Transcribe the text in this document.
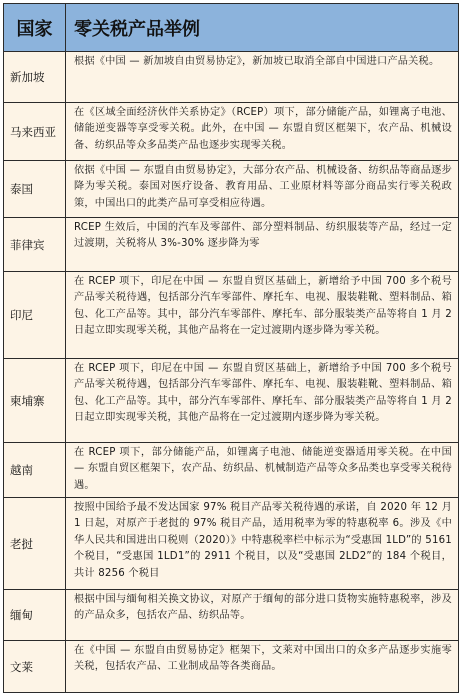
国家	零关税产品举例
新加坡
根据《中国 — 新加坡自由贸易协定》，新加坡已取消全部自中国进口产品关税。
马来西亚
在《区域全面经济伙伴关系协定》（RCEP）项下，部分储能产品，如锂离子电池、储能逆变器等享受零关税。此外，在中国 — 东盟自贸区框架下，农产品、机械设备、纺织品等众多品类产品也逐步实现零关税。
泰国
依据《中国 — 东盟自由贸易协定》，大部分农产品、机械设备、纺织品等商品逐步降为零关税。泰国对医疗设备、教育用品、工业原材料等部分商品实行零关税政策，中国出口的此类产品可享受相应待遇。
菲律宾
RCEP 生效后，中国的汽车及零部件、部分塑料制品、纺织服装等产品，经过一定过渡期，关税将从 3%-30% 逐步降为零
印尼
在 RCEP 项下，印尼在中国 — 东盟自贸区基础上，新增给予中国 700 多个税号产品零关税待遇，包括部分汽车零部件、摩托车、电视、服装鞋靴、塑料制品、箱包、化工产品等。其中，部分汽车零部件、摩托车、部分服装类产品等将自 1 月 2 日起立即实现零关税，其他产品将在一定过渡期内逐步降为零关税。
柬埔寨
在 RCEP 项下，印尼在中国 — 东盟自贸区基础上，新增给予中国 700 多个税号产品零关税待遇，包括部分汽车零部件、摩托车、电视、服装鞋靴、塑料制品、箱包、化工产品等。其中，部分汽车零部件、摩托车、部分服装类产品等将自 1 月 2 日起立即实现零关税，其他产品将在一定过渡期内逐步降为零关税。
越南
在 RCEP 项下，部分储能产品，如锂离子电池、储能逆变器适用零关税。在中国 — 东盟自贸区框架下，农产品、纺织品、机械制造产品等众多品类也享受零关税待遇。
老挝
按照中国给予最不发达国家 97% 税目产品零关税待遇的承诺，自 2020 年 12 月 1 日起，对原产于老挝的 97% 税目产品，适用税率为零的特惠税率 6。涉及《中华人民共和国进出口税则（2020）》中特惠税率栏中标示为“受惠国 1LD”的 5161 个税目，“受惠国 1LD1”的 2911 个税目，以及“受惠国 2LD2”的 184 个税目，共计 8256 个税目
缅甸
根据中国与缅甸相关换文协议，对原产于缅甸的部分进口货物实施特惠税率，涉及的产品众多，包括农产品、纺织品等。
文莱
在《中国 — 东盟自由贸易协定》框架下，文莱对中国出口的众多产品逐步实施零关税，包括农产品、工业制成品等各类商品。
